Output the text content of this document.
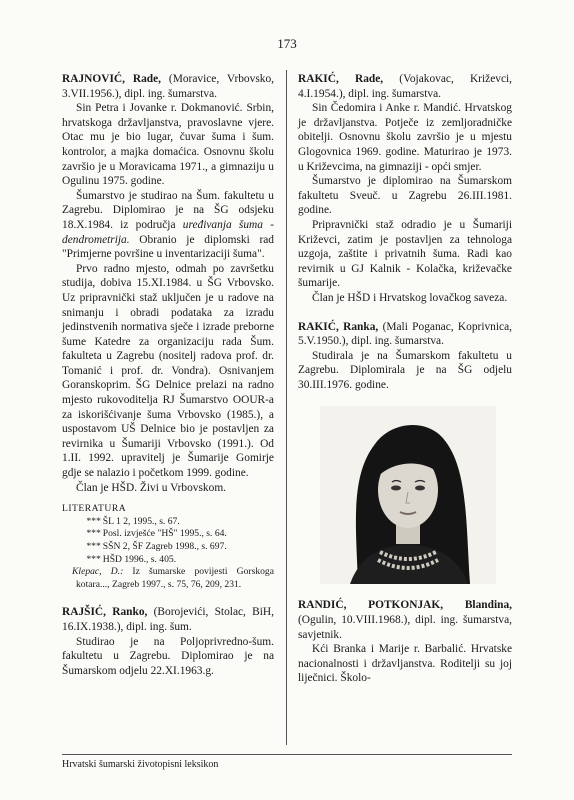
173

RAJNOVIĆ, Rade, (Moravice, Vrbovsko, 3.VII.1956.), dipl. ing. šumarstva.

Sin Petra i Jovanke r. Dokmanović. Srbin, hrvatskoga državljanstva, pravoslavne vjere. Otac mu je bio lugar, čuvar šuma i šum. kontrolor, a majka domaćica. Osnovnu školu završio je u Moravicama 1971., a gimnaziju u Ogulinu 1975. godine.

Šumarstvo je studirao na Šum. fakultetu u Zagrebu. Diplomirao je na ŠG odsjeku 18.X.1984. iz područja uređivanja šuma - dendrometrija. Obranio je diplomski rad "Primjerne površine u inventarizaciji šuma".

Prvo radno mjesto, odmah po završetku studija, dobiva 15.XI.1984. u ŠG Vrbovsko. Uz pripravnički staž uključen je u radove na snimanju i obradi podataka za izradu jedinstvenih normativa sječe i izrade preborne šume Katedre za organizaciju rada Šum. fakulteta u Zagrebu (nositelj radova prof. dr. Tomanić i prof. dr. Vondra). Osnivanjem Goranskoprim. ŠG Delnice prelazi na radno mjesto rukovoditelja RJ Šumarstvo OOUR-a za iskorišćivanje šuma Vrbovsko (1985.), a uspostavom UŠ Delnice bio je postavljen za revirnika u Šumariji Vrbovsko (1991.). Od 1.II. 1992. upravitelj je Šumarije Gomirje gdje se nalazio i početkom 1999. godine.

Član je HŠD. Živi u Vrbovskom.

LITERATURA
*** ŠL 1 2, 1995., s. 67.
*** Posl. izvješće "HŠ" 1995., s. 64.
*** SŠN 2, ŠF Zagreb 1998., s. 697.
*** HŠD 1996., s. 405.
Klepac, D.: Iz šumarske povijesti Gorskoga kotara..., Zagreb 1997., s. 75, 76, 209, 231.

RAJŠIĆ, Ranko, (Borojevići, Stolac, BiH, 16.IX.1938.), dipl. ing. šum.

Studirao je na Poljoprivredno-šum. fakultetu u Zagrebu. Diplomirao je na Šumarskom odjelu 22.XI.1963.g.

RAKIĆ, Rade, (Vojakovac, Križevci, 4.I.1954.), dipl. ing. šumarstva.

Sin Čedomira i Anke r. Mandić. Hrvatskog je državljanstva. Potječe iz zemljoradničke obitelji. Osnovnu školu završio je u mjestu Glogovnica 1969. godine. Maturirao je 1973. u Križevcima, na gimnaziji - opći smjer.

Šumarstvo je diplomirao na Šumarskom fakultetu Sveuč. u Zagrebu 26.III.1981. godine.

Pripravnički staž odradio je u Šumariji Križevci, zatim je postavljen za tehnologa uzgoja, zaštite i privatnih šuma. Radi kao revirnik u GJ Kalnik - Kolačka, križevačke šumarije.

Član je HŠD i Hrvatskog lovačkog saveza.

RAKIĆ, Ranka, (Mali Poganac, Koprivnica, 5.V.1950.), dipl. ing. šumarstva.

Studirala je na Šumarskom fakultetu u Zagrebu. Diplomirala je na ŠG odjelu 30.III.1976. godine.

RANDIĆ, POTKONJAK, Blandina, (Ogulin, 10.VIII.1968.), dipl. ing. šumarstva, savjetnik.

Kći Branka i Marije r. Barbalić. Hrvatske nacionalnosti i državljanstva. Roditelji su joj liječnici. Školo-

Hrvatski šumarski životopisni leksikon
